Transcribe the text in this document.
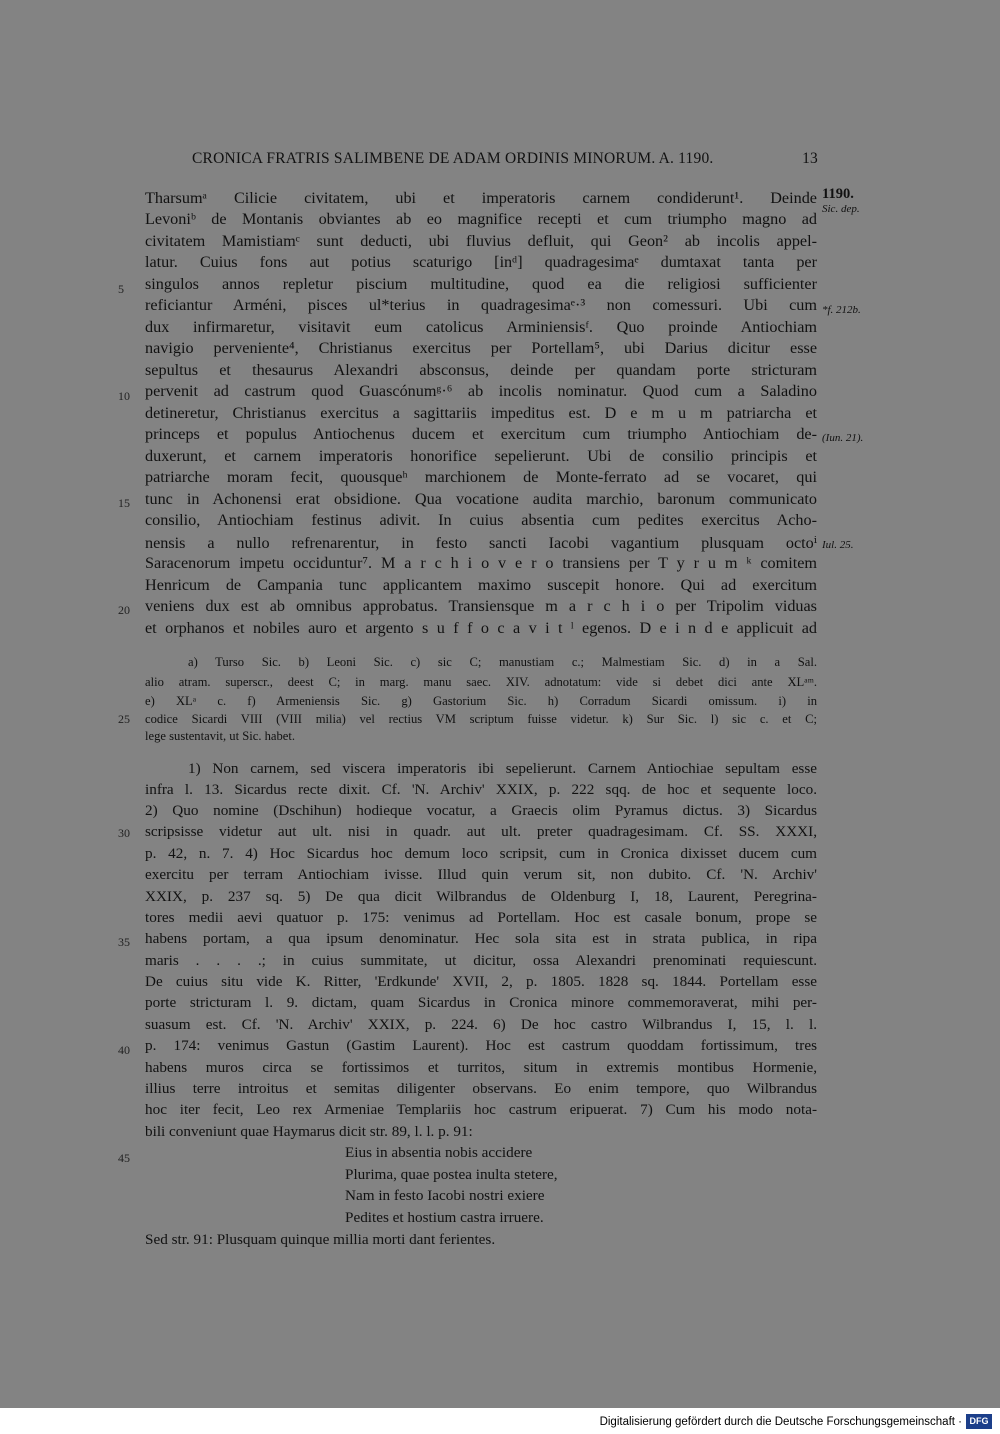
CRONICA FRATRIS SALIMBENE DE ADAM ORDINIS MINORUM. A. 1190.	13
1190.
Sic. dep.
*f. 212b.
(Iun. 21).
Iul. 25.
5
10
15
20
25
30
35
40
45
Tharsumᵃ Cilicie civitatem, ubi et imperatoris carnem condiderunt¹. Deinde
Levoniᵇ de Montanis obviantes ab eo magnifice recepti et cum triumpho magno ad
civitatem Mamistiamᶜ sunt deducti, ubi fluvius defluit, qui Geon² ab incolis appel-
latur. Cuius fons aut potius scaturigo [inᵈ] quadragesimaᵉ dumtaxat tanta per
singulos annos repletur piscium multitudine, quod ea die religiosi sufficienter
reficiantur Arméni, pisces ul*terius in quadragesimaᵉ·³ non comessuri. Ubi cum
dux infirmaretur, visitavit eum catolicus Arminiensisᶠ. Quo proinde Antiochiam
navigio perveniente⁴, Christianus exercitus per Portellam⁵, ubi Darius dicitur esse
sepultus et thesaurus Alexandri absconsus, deinde per quandam porte stricturam
pervenit ad castrum quod Guascónumᵍ·⁶ ab incolis nominatur. Quod cum a Saladino
detineretur, Christianus exercitus a sagittariis impeditus est. D e m u m patriarcha et
princeps et populus Antiochenus ducem et exercitum cum triumpho Antiochiam de-
duxerunt, et carnem imperatoris honorifice sepelierunt. Ubi de consilio principis et
patriarche moram fecit, quousqueʰ marchionem de Monte-ferrato ad se vocaret, qui
tunc in Achonensi erat obsidione. Qua vocatione audita marchio, baronum communicato
consilio, Antiochiam festinus adivit. In cuius absentia cum pedites exercitus Acho-
nensis a nullo refrenarentur, in festo sancti Iacobi vagantium plusquam octoⁱ
Saracenorum impetu occiduntur⁷. M a r c h i o v e r o transiens per T y r u m ᵏ comitem
Henricum de Campania tunc applicantem maximo suscepit honore. Qui ad exercitum
veniens dux est ab omnibus approbatus. Transiensque m a r c h i o per Tripolim viduas
et orphanos et nobiles auro et argento s u f f o c a v i t ˡ egenos. D e i n d e applicuit ad
a) Turso Sic. b) Leoni Sic. c) sic C; manustiam c.; Malmestiam Sic. d) in a Sal.
alio atram. superscr., deest C; in marg. manu saec. XIV. adnotatum: vide si debet dici ante XLᵃᵐ.
e) XLᵃ c. f) Armeniensis Sic. g) Gastorium Sic. h) Corradum Sicardi omissum. i) in
codice Sicardi VIII (VIII milia) vel rectius VM scriptum fuisse videtur. k) Sur Sic. l) sic c. et C;
lege sustentavit, ut Sic. habet.
1) Non carnem, sed viscera imperatoris ibi sepelierunt. Carnem Antiochiae sepultam esse
infra l. 13. Sicardus recte dixit. Cf. 'N. Archiv' XXIX, p. 222 sqq. de hoc et sequente loco.
2) Quo nomine (Dschihun) hodieque vocatur, a Graecis olim Pyramus dictus. 3) Sicardus
scripsisse videtur aut ult. nisi in quadr. aut ult. preter quadragesimam. Cf. SS. XXXI,
p. 42, n. 7. 4) Hoc Sicardus hoc demum loco scripsit, cum in Cronica dixisset ducem cum
exercitu per terram Antiochiam ivisse. Illud quin verum sit, non dubito. Cf. 'N. Archiv'
XXIX, p. 237 sq. 5) De qua dicit Wilbrandus de Oldenburg I, 18, Laurent, Peregrina-
tores medii aevi quatuor p. 175: venimus ad Portellam. Hoc est casale bonum, prope se
habens portam, a qua ipsum denominatur. Hec sola sita est in strata publica, in ripa
maris . . . .; in cuius summitate, ut dicitur, ossa Alexandri prenominati requiescunt.
De cuius situ vide K. Ritter, 'Erdkunde' XVII, 2, p. 1805. 1828 sq. 1844. Portellam esse
porte stricturam l. 9. dictam, quam Sicardus in Cronica minore commemoraverat, mihi per-
suasum est. Cf. 'N. Archiv' XXIX, p. 224. 6) De hoc castro Wilbrandus I, 15, l. l.
p. 174: venimus Gastun (Gastim Laurent). Hoc est castrum quoddam fortissimum, tres
habens muros circa se fortissimos et turritos, situm in extremis montibus Hormenie,
illius terre introitus et semitas diligenter observans. Eo enim tempore, quo Wilbrandus
hoc iter fecit, Leo rex Armeniae Templariis hoc castrum eripuerat. 7) Cum his modo nota-
bili conveniunt quae Haymarus dicit str. 89, l. l. p. 91:
Eius in absentia nobis accidere
Plurima, quae postea inulta stetere,
Nam in festo Iacobi nostri exiere
Pedites et hostium castra irruere.
Sed str. 91: Plusquam quinque millia morti dant ferientes.
Digitalisierung gefördert durch die Deutsche Forschungsgemeinschaft · DFG
